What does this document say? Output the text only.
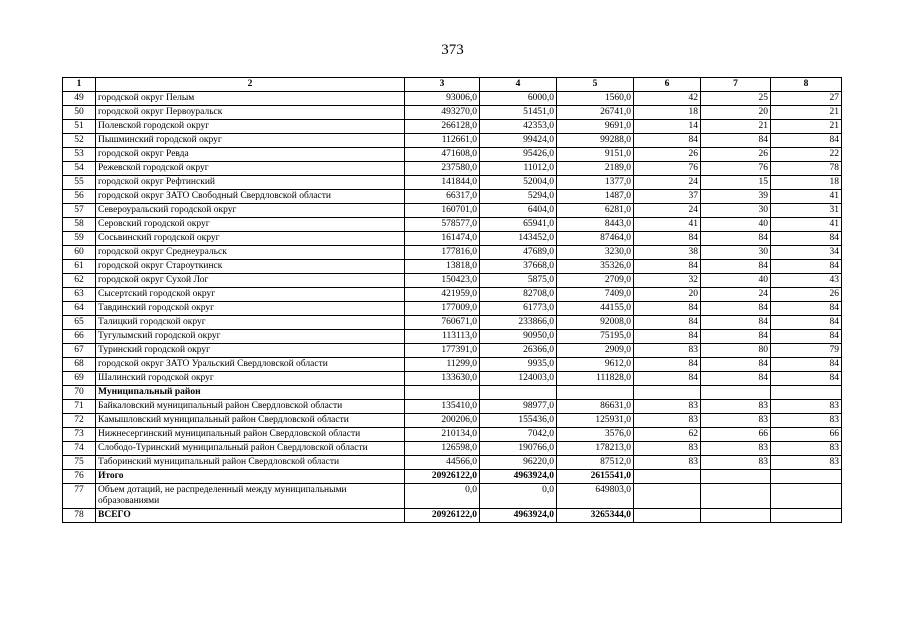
373
1	2	3	4	5	6	7	8
49	городской округ Пелым	93006,0	6000,0	1560,0	42	25	27
50	городской округ Первоуральск	493270,0	51451,0	26741,0	18	20	21
51	Полевской городской округ	266128,0	42353,0	9691,0	14	21	21
52	Пышминский городской округ	112661,0	99424,0	99288,0	84	84	84
53	городской округ Ревда	471608,0	95426,0	9151,0	26	26	22
54	Режевской городской округ	237580,0	11012,0	2189,0	76	76	78
55	городской округ Рефтинский	141844,0	52004,0	1377,0	24	15	18
56	городской округ ЗАТО Свободный Свердловской области	66317,0	5294,0	1487,0	37	39	41
57	Североуральский городской округ	160701,0	6404,0	6281,0	24	30	31
58	Серовский городской округ	578577,0	65941,0	8443,0	41	40	41
59	Сосьвинский городской округ	161474,0	143452,0	87464,0	84	84	84
60	городской округ Среднеуральск	177816,0	47689,0	3230,0	38	30	34
61	городской округ Староуткинск	13818,0	37668,0	35326,0	84	84	84
62	городской округ Сухой Лог	150423,0	5875,0	2709,0	32	40	43
63	Сысертский городской округ	421959,0	82708,0	7409,0	20	24	26
64	Тавдинский городской округ	177009,0	61773,0	44155,0	84	84	84
65	Талицкий городской округ	760671,0	233866,0	92008,0	84	84	84
66	Тугулымский городской округ	113113,0	90950,0	75195,0	84	84	84
67	Туринский городской округ	177391,0	26366,0	2909,0	83	80	79
68	городской округ ЗАТО Уральский Свердловской области	11299,0	9935,0	9612,0	84	84	84
69	Шалинский городской округ	133630,0	124003,0	111828,0	84	84	84
70	Муниципальный район						
71	Байкаловский муниципальный район Свердловской области	135410,0	98977,0	86631,0	83	83	83
72	Камышловский муниципальный район Свердловской области	200206,0	155436,0	125931,0	83	83	83
73	Нижнесергинский муниципальный район Свердловской области	210134,0	7042,0	3576,0	62	66	66
74	Слободо-Туринский муниципальный район Свердловской области	126598,0	190766,0	178213,0	83	83	83
75	Таборинский муниципальный район Свердловской области	44566,0	96220,0	87512,0	83	83	83
76	Итого	20926122,0	4963924,0	2615541,0			
77	Объем дотаций, не распределенный между муниципальными образованиями	0,0	0,0	649803,0			
78	ВСЕГО	20926122,0	4963924,0	3265344,0			
